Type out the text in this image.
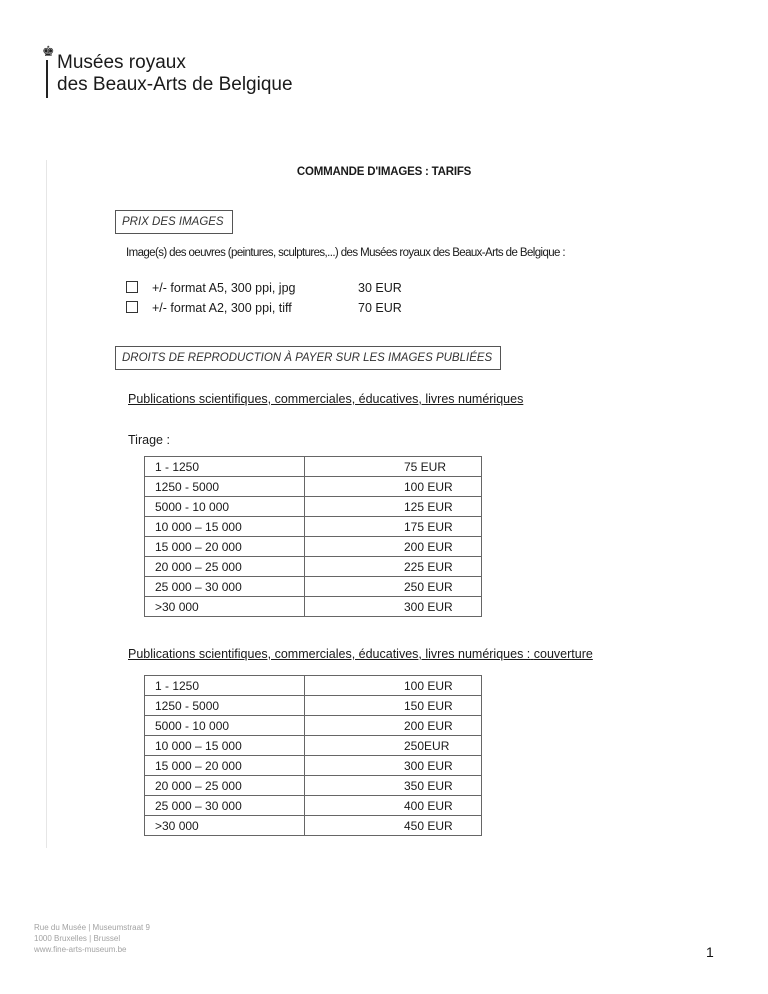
♚
Musées royaux
des Beaux-Arts de Belgique
COMMANDE D'IMAGES : TARIFS
PRIX DES IMAGES
Image(s) des oeuvres (peintures, sculptures,...) des Musées royaux des Beaux-Arts de Belgique :
+/- format A5, 300 ppi, jpg	30 EUR
+/- format A2, 300 ppi, tiff	70 EUR
DROITS DE REPRODUCTION À PAYER SUR LES IMAGES PUBLIÉES
Publications scientifiques, commerciales, éducatives, livres numériques
Tirage :
1 - 1250	75 EUR
1250 - 5000	100 EUR
5000 - 10 000	125 EUR
10 000 – 15 000	175 EUR
15 000 – 20 000	200 EUR
20 000 – 25 000	225 EUR
25 000 – 30 000	250 EUR
>30 000	300 EUR
Publications scientifiques, commerciales, éducatives, livres numériques : couverture
1 - 1250	100 EUR
1250 - 5000	150 EUR
5000 - 10 000	200 EUR
10 000 – 15 000	250EUR
15 000 – 20 000	300 EUR
20 000 – 25 000	350 EUR
25 000 – 30 000	400 EUR
>30 000	450 EUR
Rue du Musée | Museumstraat 9
1000 Bruxelles | Brussel
www.fine-arts-museum.be	1
